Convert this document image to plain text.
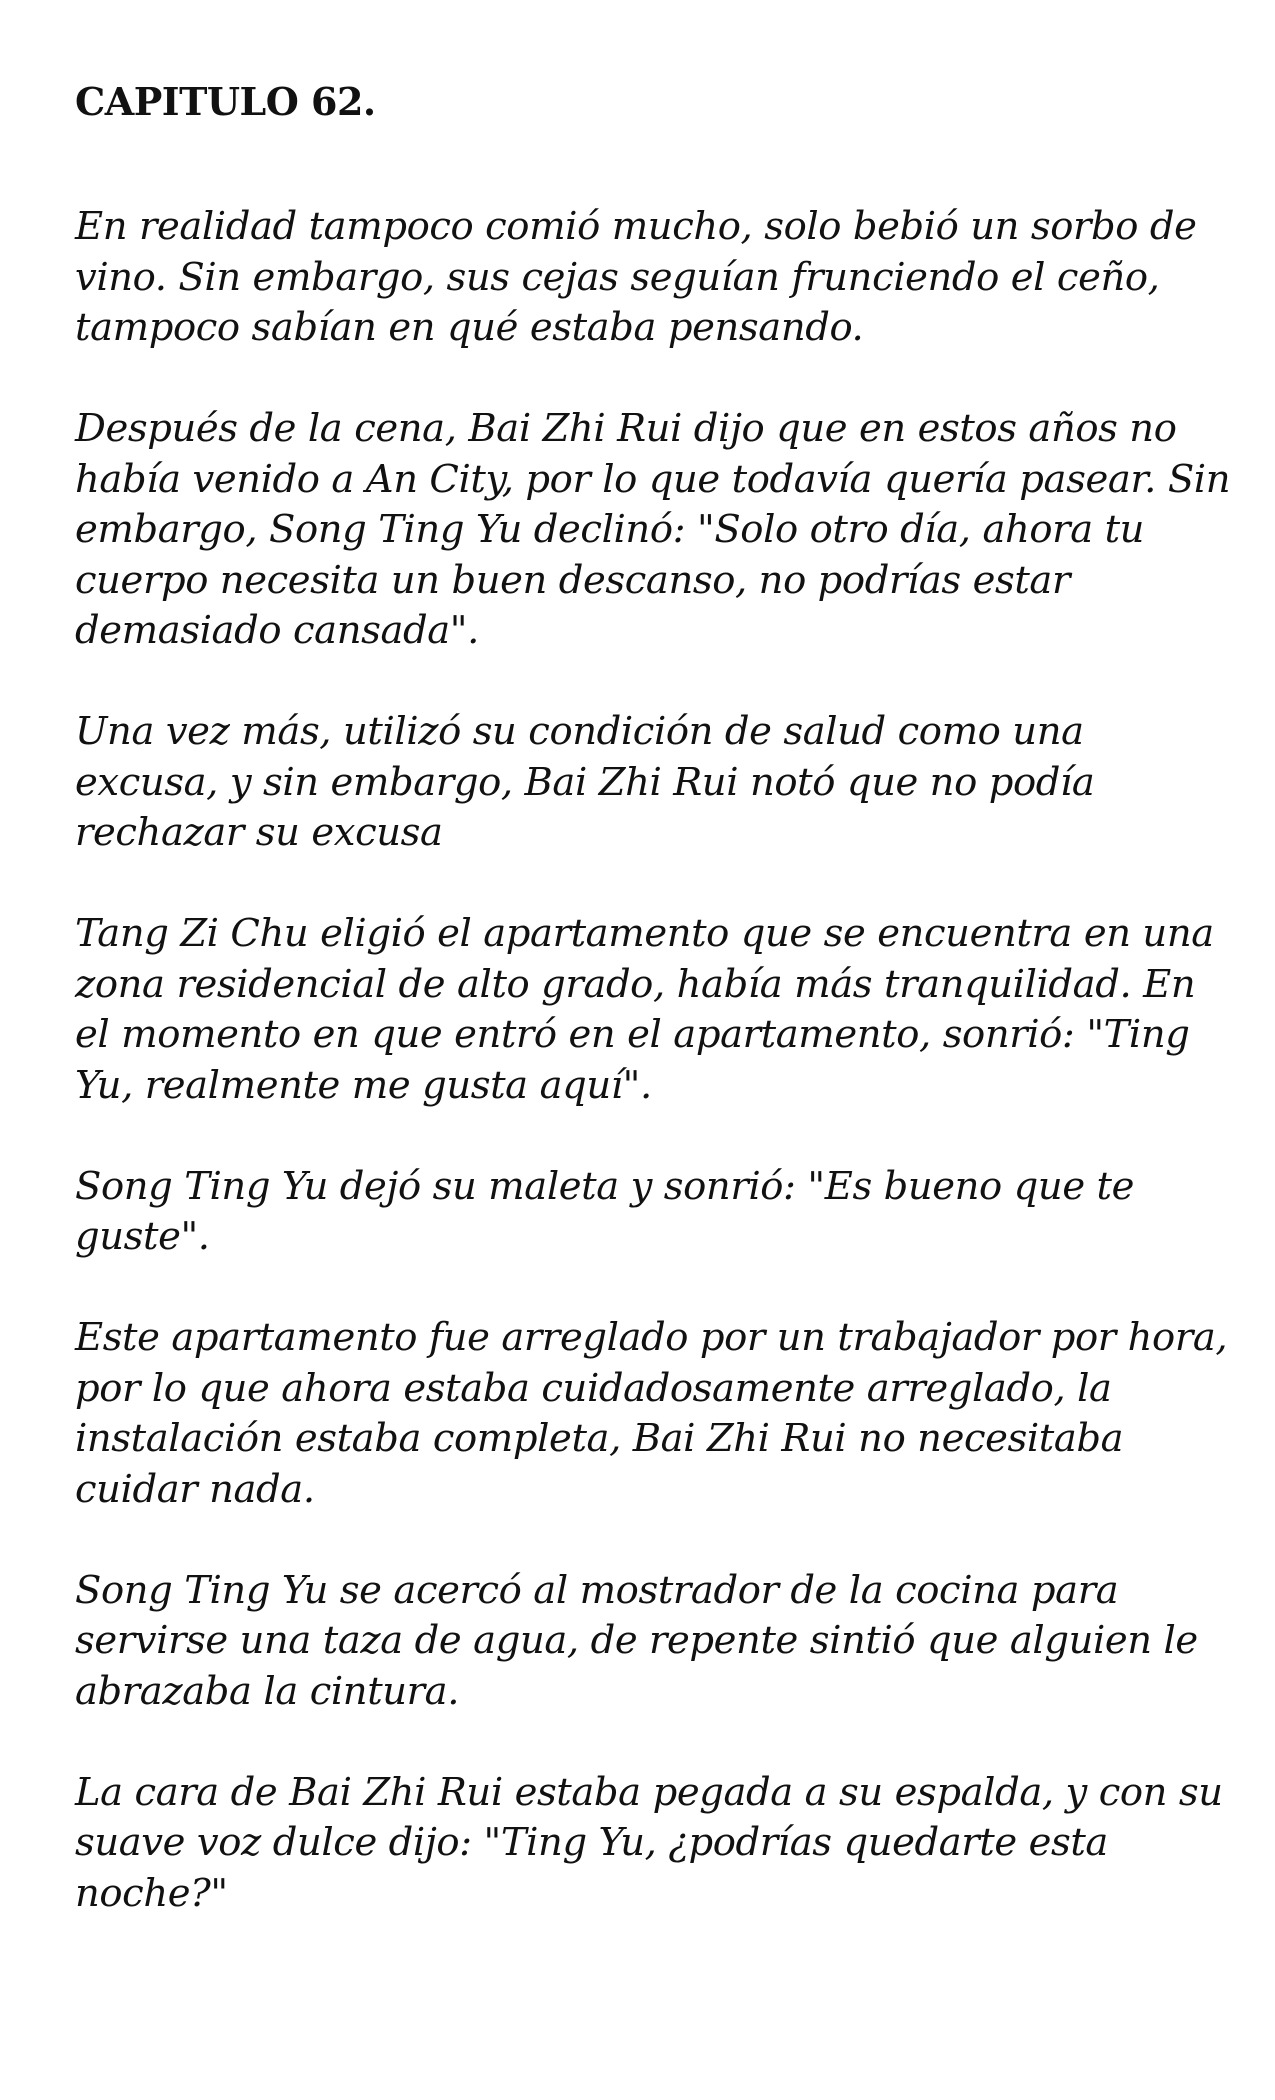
CAPITULO 62.
En realidad tampoco comió mucho, solo bebió un sorbo de vino. Sin embargo, sus cejas seguían frunciendo el ceño, tampoco sabían en qué estaba pensando.
Después de la cena, Bai Zhi Rui dijo que en estos años no había venido a An City, por lo que todavía quería pasear. Sin embargo, Song Ting Yu declinó: "Solo otro día, ahora tu cuerpo necesita un buen descanso, no podrías estar demasiado cansada".
Una vez más, utilizó su condición de salud como una excusa, y sin embargo, Bai Zhi Rui notó que no podía rechazar su excusa
Tang Zi Chu eligió el apartamento que se encuentra en una zona residencial de alto grado, había más tranquilidad. En el momento en que entró en el apartamento, sonrió: "Ting Yu, realmente me gusta aquí".
Song Ting Yu dejó su maleta y sonrió: "Es bueno que te guste".
Este apartamento fue arreglado por un trabajador por hora, por lo que ahora estaba cuidadosamente arreglado, la instalación estaba completa, Bai Zhi Rui no necesitaba cuidar nada.
Song Ting Yu se acercó al mostrador de la cocina para servirse una taza de agua, de repente sintió que alguien le abrazaba la cintura.
La cara de Bai Zhi Rui estaba pegada a su espalda, y con su suave voz dulce dijo: "Ting Yu, ¿podrías quedarte esta noche?"
